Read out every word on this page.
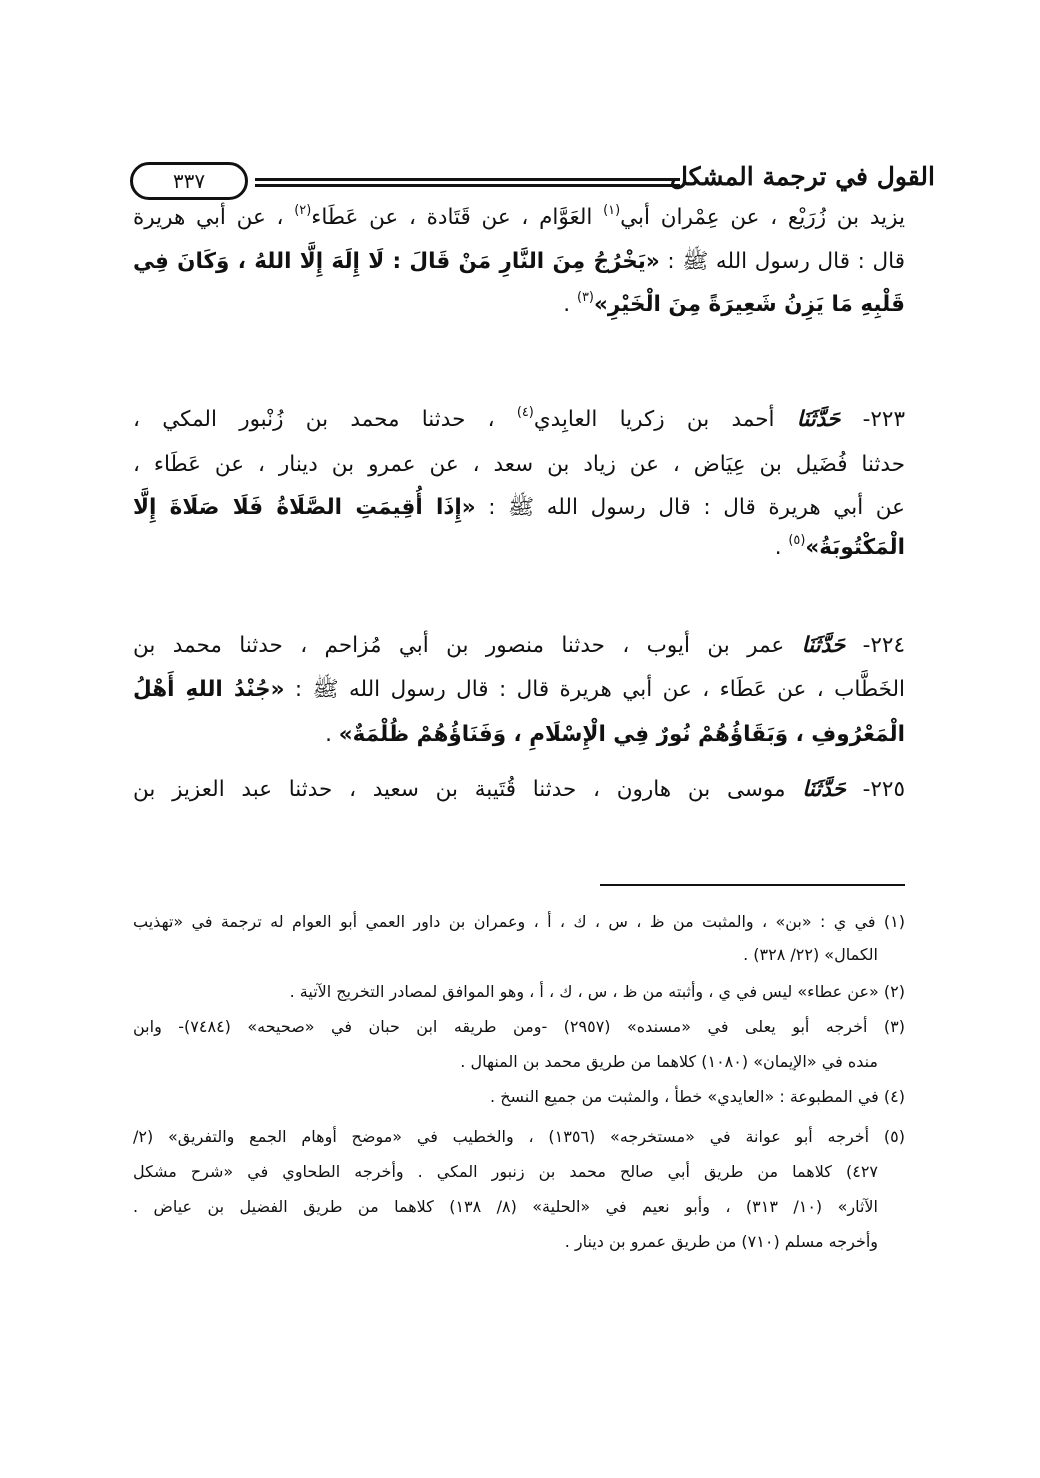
القول في ترجمة المشكل
٣٣٧
يزيد بن زُرَيْع ، عن عِمْران أبي$^{(١)}$ العَوَّام ، عن قَتَادة ، عن عَطَاء$^{(٢)}$ ، عن أبي هريرة
قال : قال رسول الله ﷺ : «يَخْرُجُ مِنَ النَّارِ مَنْ قَالَ : لَا إِلَهَ إِلَّا اللهُ ، وَكَانَ فِي
قَلْبِهِ مَا يَزِنُ شَعِيرَةً مِنَ الْخَيْرِ»$^{(٣)}$ .
٢٢٣- حَدَّثَنَا أحمد بن زكريا العابِدي$^{(٤)}$ ، حدثنا محمد بن زُنْبور المكي ،
حدثنا فُضَيل بن عِيَاض ، عن زياد بن سعد ، عن عمرو بن دينار ، عن عَطَاء ،
عن أبي هريرة قال : قال رسول الله ﷺ : «إِذَا أُقِيمَتِ الصَّلَاةُ فَلَا صَلَاةَ إِلَّا
الْمَكْتُوبَةُ»$^{(٥)}$ .
٢٢٤- حَدَّثَنَا عمر بن أيوب ، حدثنا منصور بن أبي مُزاحم ، حدثنا محمد بن
الخَطَّاب ، عن عَطَاء ، عن أبي هريرة قال : قال رسول الله ﷺ : «جُنْدُ اللهِ أَهْلُ
الْمَعْرُوفِ ، وَبَقَاؤُهُمْ نُورٌ فِي الْإِسْلَامِ ، وَفَنَاؤُهُمْ ظُلْمَةٌ» .
٢٢٥- حَدَّثَنَا موسى بن هارون ، حدثنا قُتَيبة بن سعيد ، حدثنا عبد العزيز بن
(١) في ي : «بن» ، والمثبت من ظ ، س ، ك ، أ ، وعمران بن داور العمي أبو العوام له ترجمة في «تهذيب
الكمال» (٢٢/ ٣٢٨) .
(٢) «عن عطاء» ليس في ي ، وأثبته من ظ ، س ، ك ، أ ، وهو الموافق لمصادر التخريج الآتية .
(٣) أخرجه أبو يعلى في «مسنده» (٢٩٥٧) -ومن طريقه ابن حبان في «صحيحه» (٧٤٨٤)- وابن
منده في «الإيمان» (١٠٨٠) كلاهما من طريق محمد بن المنهال .
(٤) في المطبوعة : «العايدي» خطأ ، والمثبت من جميع النسخ .
(٥) أخرجه أبو عوانة في «مستخرجه» (١٣٥٦) ، والخطيب في «موضح أوهام الجمع والتفريق» (٢/
٤٢٧) كلاهما من طريق أبي صالح محمد بن زنبور المكي . وأخرجه الطحاوي في «شرح مشكل
الآثار» (١٠/ ٣١٣) ، وأبو نعيم في «الحلية» (٨/ ١٣٨) كلاهما من طريق الفضيل بن عياض .
وأخرجه مسلم (٧١٠) من طريق عمرو بن دينار .
